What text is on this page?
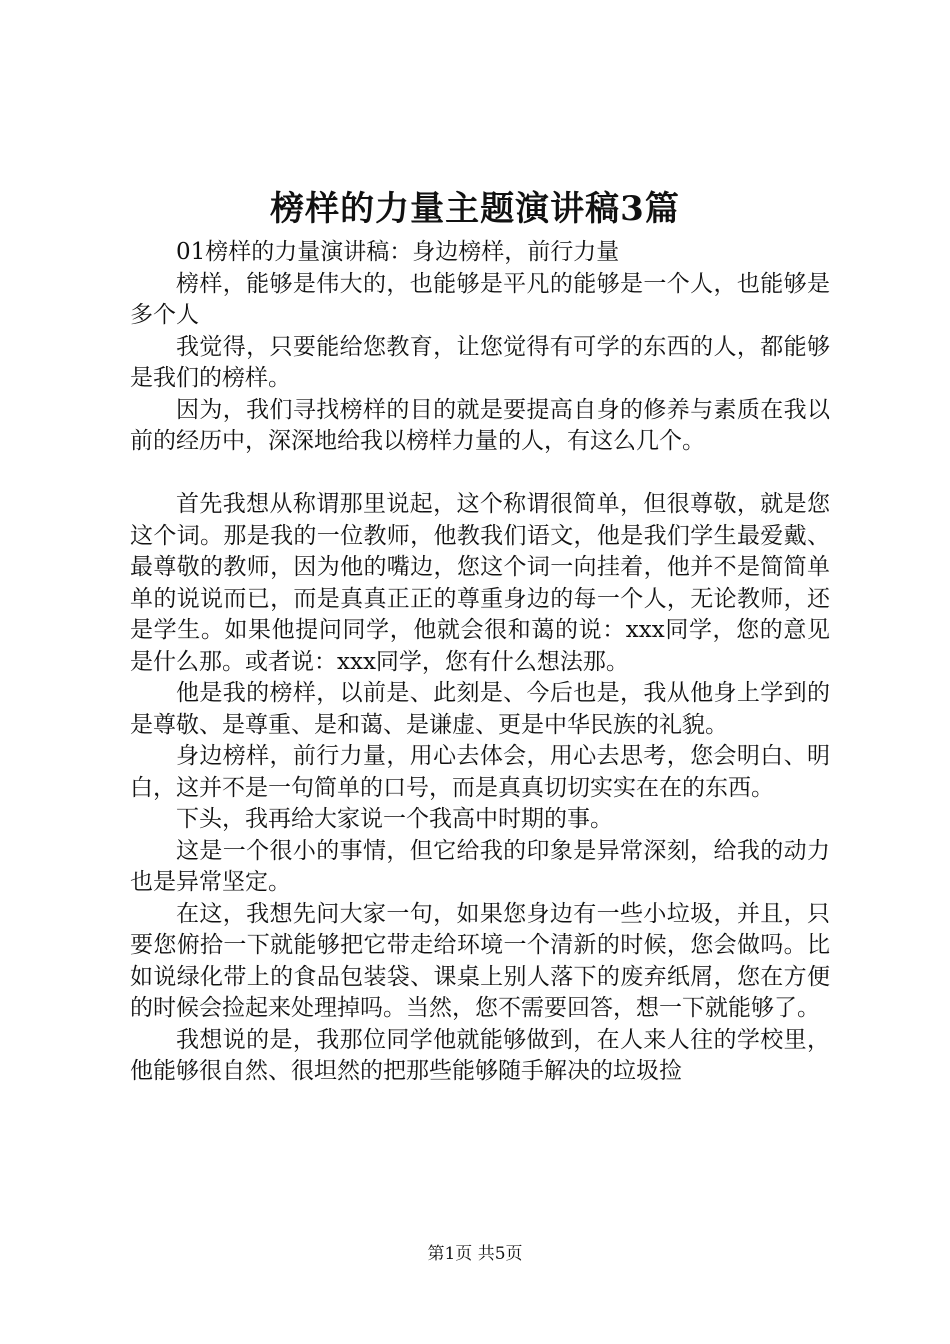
榜样的力量主题演讲稿3篇

01榜样的力量演讲稿：身边榜样，前行力量

榜样，能够是伟大的，也能够是平凡的能够是一个人，也能够是多个人

我觉得，只要能给您教育，让您觉得有可学的东西的人，都能够是我们的榜样。

因为，我们寻找榜样的目的就是要提高自身的修养与素质在我以前的经历中，深深地给我以榜样力量的人，有这么几个。

首先我想从称谓那里说起，这个称谓很简单，但很尊敬，就是您这个词。那是我的一位教师，他教我们语文，他是我们学生最爱戴、最尊敬的教师，因为他的嘴边，您这个词一向挂着，他并不是简简单单的说说而已，而是真真正正的尊重身边的每一个人，无论教师，还是学生。如果他提问同学，他就会很和蔼的说：xxx同学，您的意见是什么那。或者说：xxx同学，您有什么想法那。

他是我的榜样，以前是、此刻是、今后也是，我从他身上学到的是尊敬、是尊重、是和蔼、是谦虚、更是中华民族的礼貌。

身边榜样，前行力量，用心去体会，用心去思考，您会明白、明白，这并不是一句简单的口号，而是真真切切实实在在的东西。

下头，我再给大家说一个我高中时期的事。

这是一个很小的事情，但它给我的印象是异常深刻，给我的动力也是异常坚定。

在这，我想先问大家一句，如果您身边有一些小垃圾，并且，只要您俯拾一下就能够把它带走给环境一个清新的时候，您会做吗。比如说绿化带上的食品包装袋、课桌上别人落下的废弃纸屑，您在方便的时候会捡起来处理掉吗。当然，您不需要回答，想一下就能够了。

我想说的是，我那位同学他就能够做到，在人来人往的学校里，他能够很自然、很坦然的把那些能够随手解决的垃圾捡

第1页 共5页
